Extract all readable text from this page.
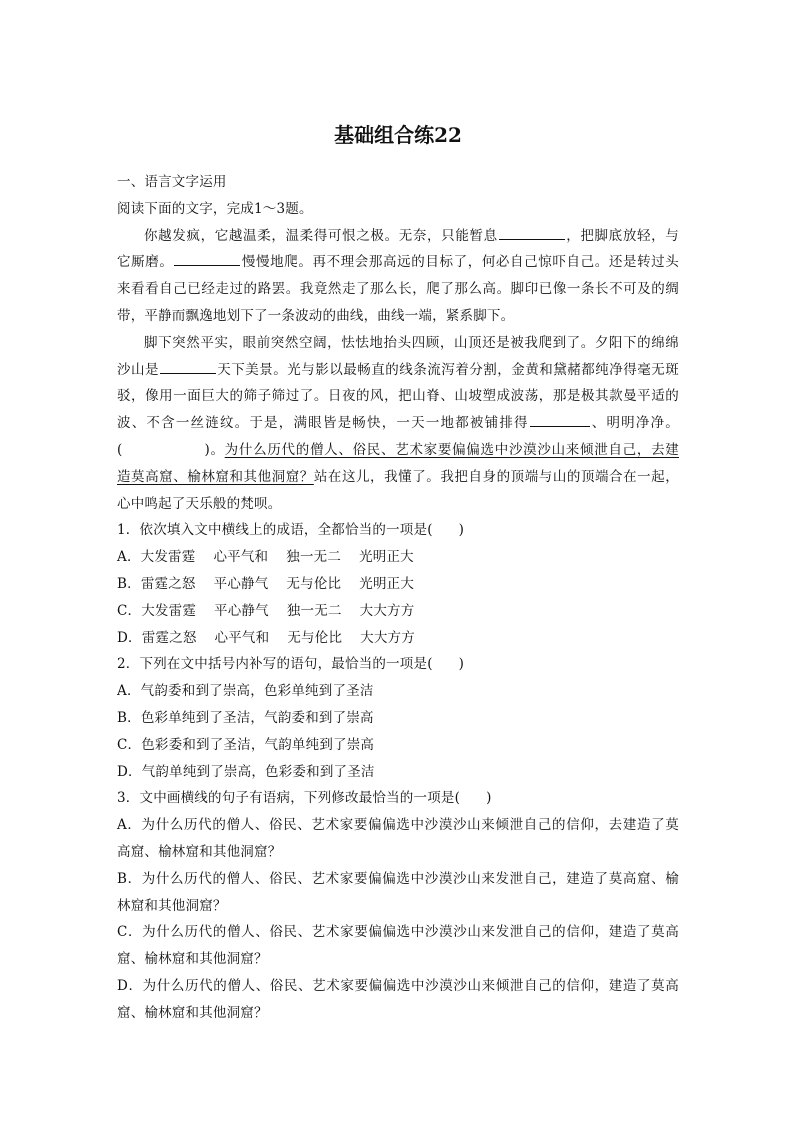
基础组合练22
一、语言文字运用
阅读下面的文字，完成1～3题。
你越发疯，它越温柔，温柔得可恨之极。无奈，只能暂息	，把脚底放轻，与
它厮磨。	慢慢地爬。再不理会那高远的目标了，何必自己惊吓自己。还是转过头
来看看自己已经走过的路罢。我竟然走了那么长，爬了那么高。脚印已像一条长不可及的绸
带，平静而飘逸地划下了一条波动的曲线，曲线一端，紧系脚下。
脚下突然平实，眼前突然空阔，怯怯地抬头四顾，山顶还是被我爬到了。夕阳下的绵绵
沙山是	天下美景。光与影以最畅直的线条流泻着分割，金黄和黛赭都纯净得毫无斑
驳，像用一面巨大的筛子筛过了。日夜的风，把山脊、山坡塑成波荡，那是极其款曼平适的
波、不含一丝涟纹。于是，满眼皆是畅快，一天一地都被铺排得	、明明净净。
(	)。为什么历代的僧人、俗民、艺术家要偏偏选中沙漠沙山来倾泄自己，去建
造莫高窟、榆林窟和其他洞窟？站在这儿，我懂了。我把自身的顶端与山的顶端合在一起，
心中鸣起了天乐般的梵呗。
1．依次填入文中横线上的成语，全都恰当的一项是( )
A．大发雷霆 心平气和 独一无二 光明正大
B．雷霆之怒 平心静气 无与伦比 光明正大
C．大发雷霆 平心静气 独一无二 大大方方
D．雷霆之怒 心平气和 无与伦比 大大方方
2．下列在文中括号内补写的语句，最恰当的一项是( )
A．气韵委和到了崇高，色彩单纯到了圣洁
B．色彩单纯到了圣洁，气韵委和到了崇高
C．色彩委和到了圣洁，气韵单纯到了崇高
D．气韵单纯到了崇高，色彩委和到了圣洁
3．文中画横线的句子有语病，下列修改最恰当的一项是( )
A．为什么历代的僧人、俗民、艺术家要偏偏选中沙漠沙山来倾泄自己的信仰，去建造了莫
高窟、榆林窟和其他洞窟？
B．为什么历代的僧人、俗民、艺术家要偏偏选中沙漠沙山来发泄自己，建造了莫高窟、榆
林窟和其他洞窟？
C．为什么历代的僧人、俗民、艺术家要偏偏选中沙漠沙山来发泄自己的信仰，建造了莫高
窟、榆林窟和其他洞窟？
D．为什么历代的僧人、俗民、艺术家要偏偏选中沙漠沙山来倾泄自己的信仰，建造了莫高
窟、榆林窟和其他洞窟？
